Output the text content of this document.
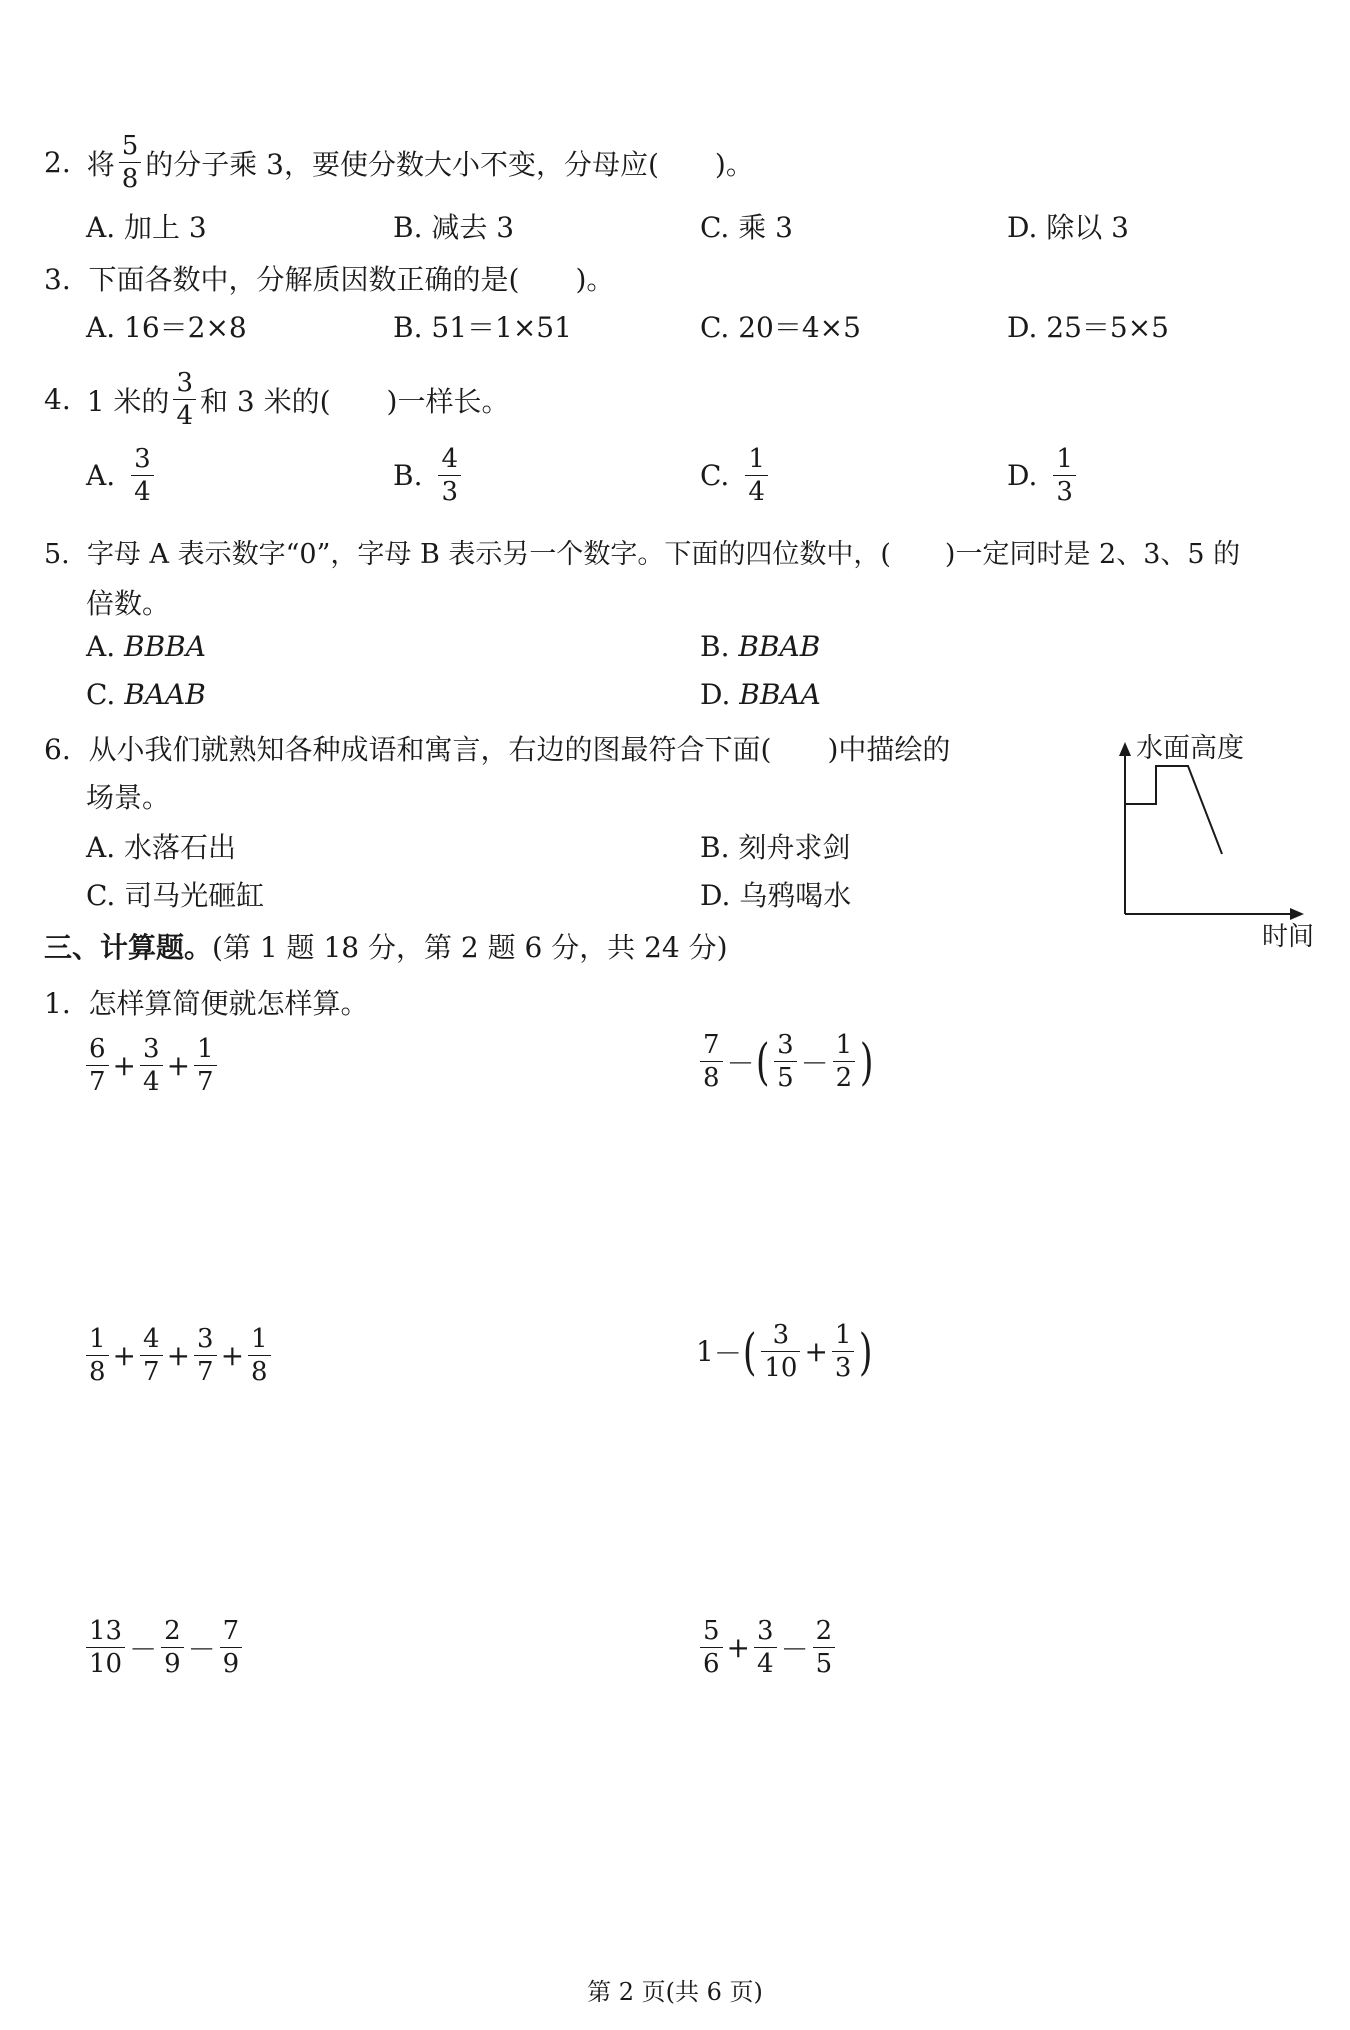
2. 将 $\frac{5}{8}$ 的分子乘 3，要使分数大小不变，分母应(　　)。
A. 加上 3	B. 减去 3	C. 乘 3	D. 除以 3
3. 下面各数中，分解质因数正确的是(　　)。
A. 16＝2×8	B. 51＝1×51	C. 20＝4×5	D. 25＝5×5
4. 1 米的 $\frac{3}{4}$ 和 3 米的(　　)一样长。
A. $\frac{3}{4}$	B. $\frac{4}{3}$	C. $\frac{1}{4}$	D. $\frac{1}{3}$
5. 字母 A 表示数字“0”，字母 B 表示另一个数字。下面的四位数中，(　　)一定同时是 2、3、5 的
倍数。
A. BBBA	B. BBAB
C. BAAB	D. BBAA
6. 从小我们就熟知各种成语和寓言，右边的图最符合下面(　　)中描绘的
场景。
A. 水落石出	B. 刻舟求剑
C. 司马光砸缸	D. 乌鸦喝水
水面高度
时间
三、计算题。(第 1 题 18 分，第 2 题 6 分，共 24 分)
1. 怎样算简便就怎样算。
$\frac{6}{7} + \frac{3}{4} + \frac{1}{7}$	$\frac{7}{8}$ － ( $\frac{3}{5} - \frac{1}{2}$ )
$\frac{1}{8} + \frac{4}{7} + \frac{3}{7} + \frac{1}{8}$	1 － ( $\frac{3}{10} + \frac{1}{3}$ )
$\frac{13}{10} - \frac{2}{9} - \frac{7}{9}$	$\frac{5}{6} + \frac{3}{4} - \frac{2}{5}$
第 2 页(共 6 页)
